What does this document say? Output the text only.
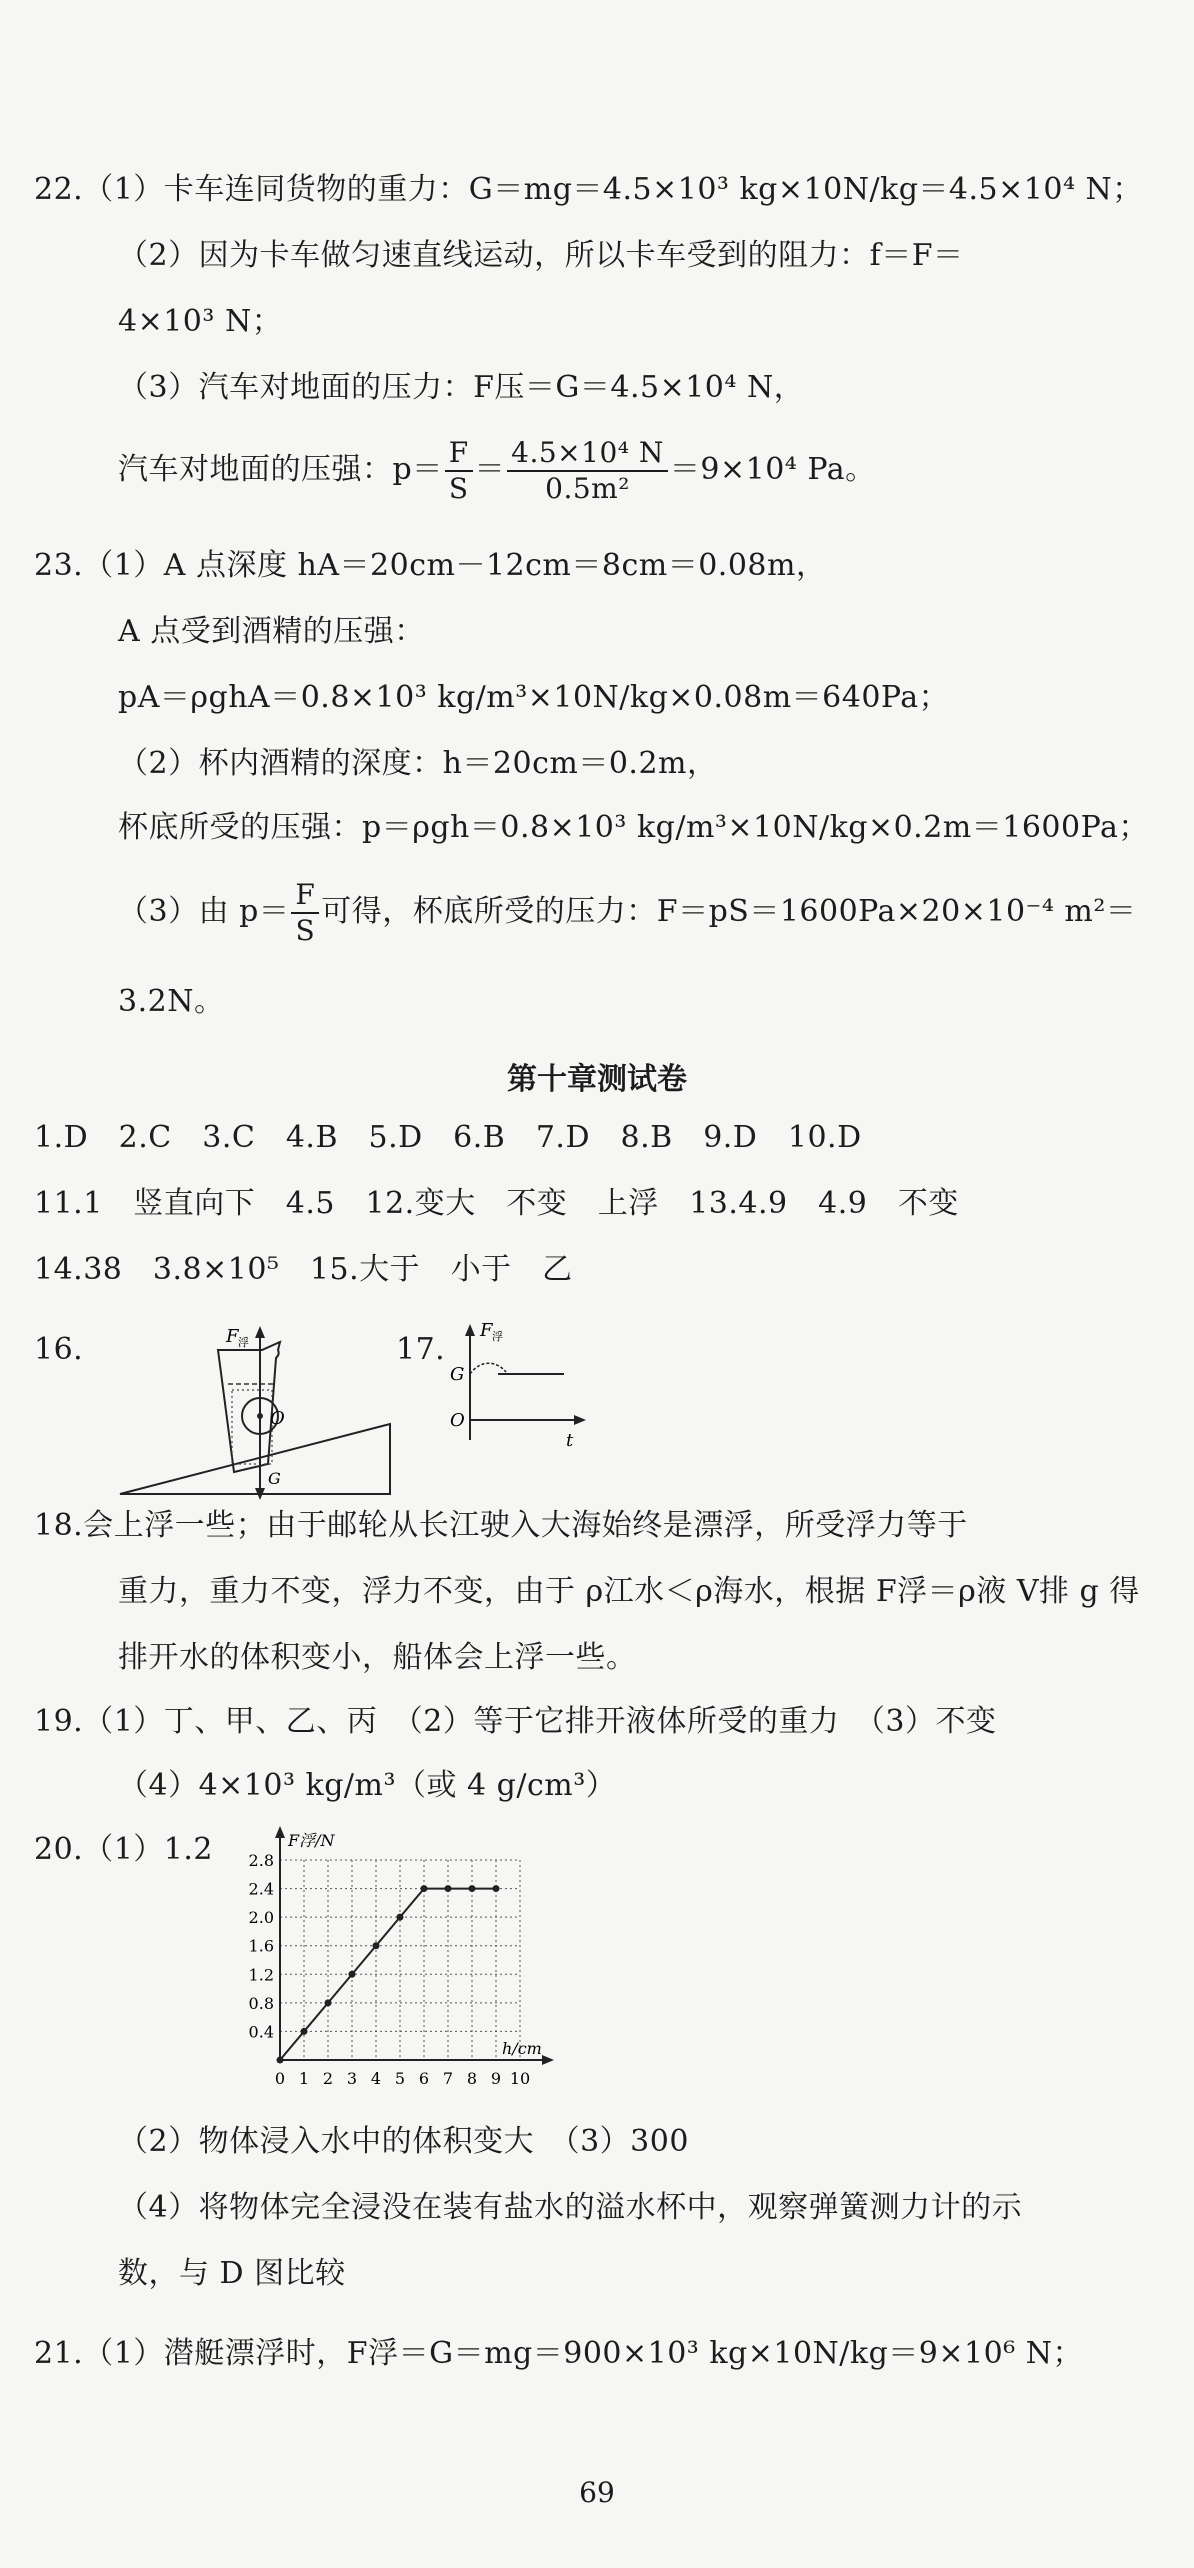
22.（1）卡车连同货物的重力：G＝mg＝4.5×10³ kg×10N/kg＝4.5×10⁴ N；
（2）因为卡车做匀速直线运动，所以卡车受到的阻力：f＝F＝
4×10³ N；
（3）汽车对地面的压力：F压＝G＝4.5×10⁴ N，
汽车对地面的压强：$p= \frac{F}{S} = \frac{\text{4.5×10⁴ N}}{\text{0.5m²}} =9\times 10^4$ Pa。
23.（1）A 点深度 hA＝20cm－12cm＝8cm＝0.08m，
A 点受到酒精的压强：
pA＝ρghA＝0.8×10³ kg/m³×10N/kg×0.08m＝640Pa；
（2）杯内酒精的深度：h＝20cm＝0.2m，
杯底所受的压强：p＝ρgh＝0.8×10³ kg/m³×10N/kg×0.2m＝1600Pa；
（3）由 $p= \frac{F}{S}$ 可得，杯底所受的压力：F＝pS＝1600Pa×20×10⁻⁴ m²＝
3.2N。
第十章测试卷
1.D　2.C　3.C　4.B　5.D　6.B　7.D　8.B　9.D　10.D
11.1　竖直向下　4.5　12.变大　不变　上浮　13.4.9　4.9　不变
14.38　3.8×10⁵　15.大于　小于　乙
16.	F 浮
O
G
17.
F 浮
G
O
t
18.会上浮一些；由于邮轮从长江驶入大海始终是漂浮，所受浮力等于
重力，重力不变，浮力不变，由于 ρ江水＜ρ海水，根据 F浮＝ρ液 V排 g 得
排开水的体积变小，船体会上浮一些。
19.（1）丁、甲、乙、丙　（2）等于它排开液体所受的重力　（3）不变
（4）4×10³ kg/m³（或 4 g/cm³）
20.（1）1.2
0.4
0.8
1.2
1.6
2.0
2.4
2.8
0 1 2 3 4 5 6 7 8 9 10
F浮/N
h/cm
（2）物体浸入水中的体积变大　（3）300
（4）将物体完全浸没在装有盐水的溢水杯中，观察弹簧测力计的示
数，与 D 图比较
21.（1）潜艇漂浮时，F浮＝G＝mg＝900×10³ kg×10N/kg＝9×10⁶ N；
69
